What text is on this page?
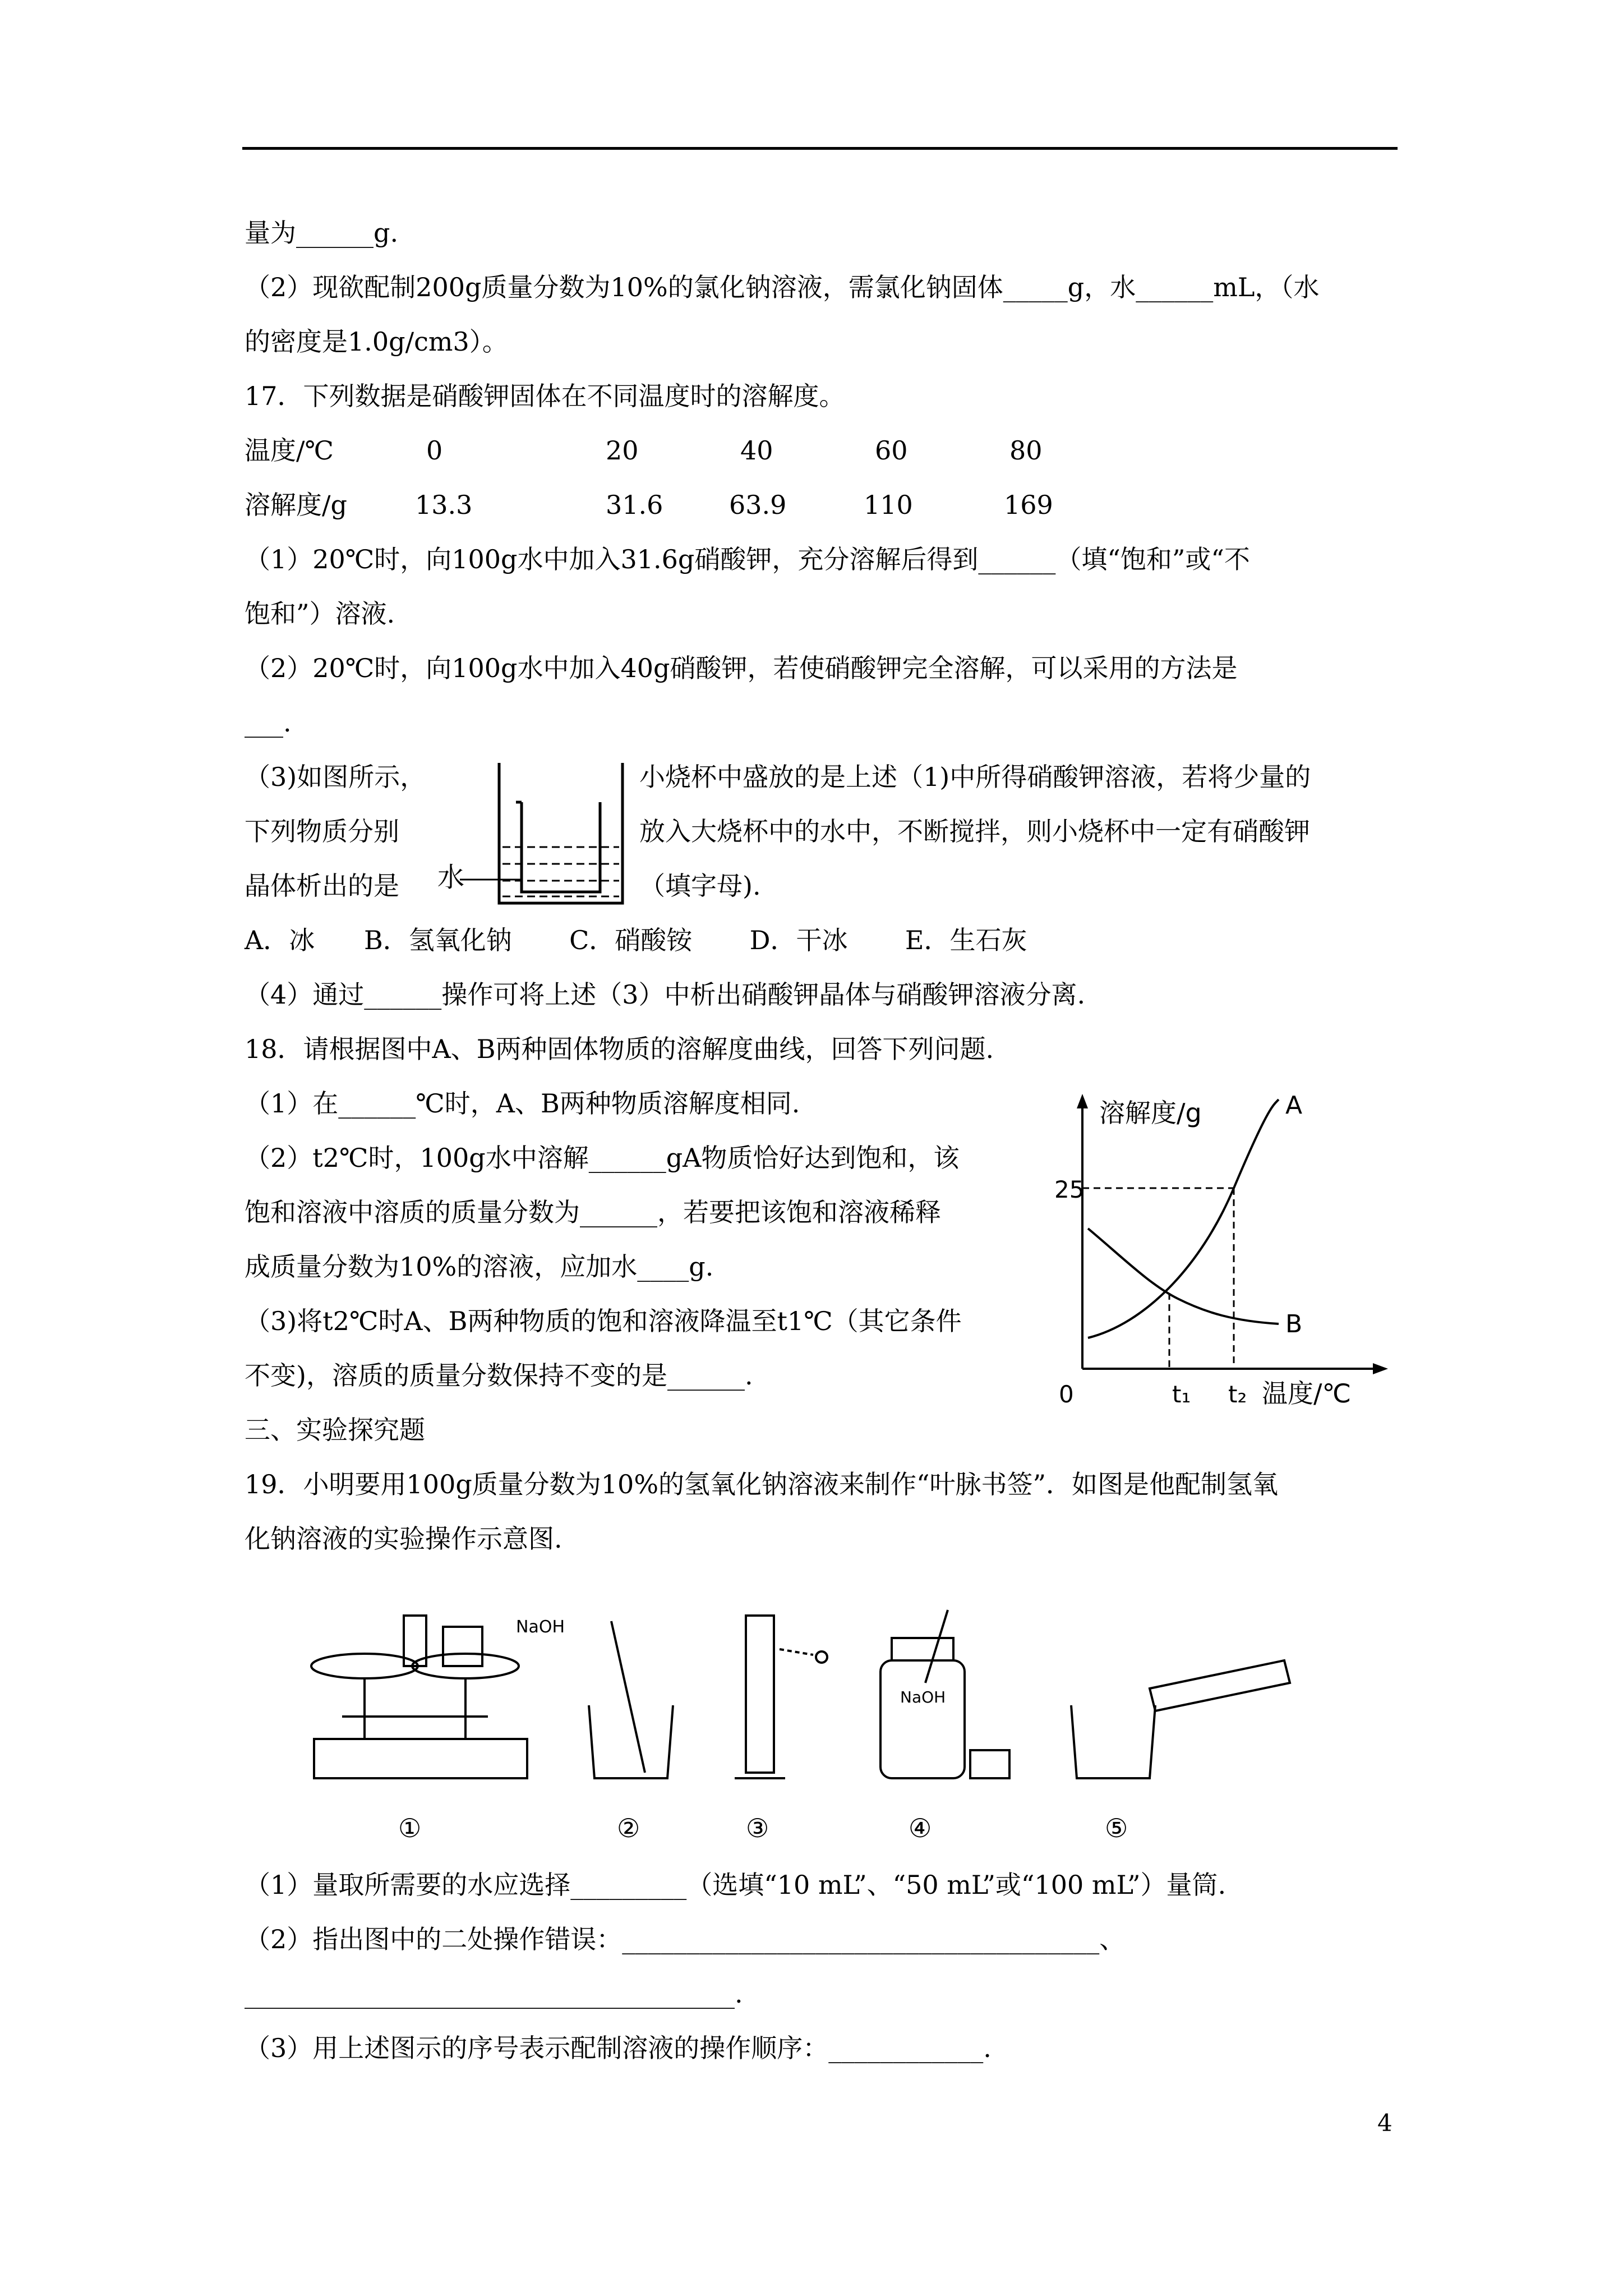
量为______g.
（2）现欲配制200g质量分数为10%的氯化钠溶液，需氯化钠固体_____g，水______mL，（水
的密度是1.0g/cm3）。
17．下列数据是硝酸钾固体在不同温度时的溶解度。
温度/℃	0	20	40	60	80
溶解度/g	13.3	31.6	63.9	110	169
（1）20℃时，向100g水中加入31.6g硝酸钾，充分溶解后得到______（填“饱和”或“不
饱和”）溶液.
（2）20℃时，向100g水中加入40g硝酸钾，若使硝酸钾完全溶解，可以采用的方法是
___.
（3)如图所示，	小烧杯中盛放的是上述（1)中所得硝酸钾溶液，若将少量的
下列物质分别	放入大烧杯中的水中，不断搅拌，则小烧杯中一定有硝酸钾
晶体析出的是	（填字母).
水
A．冰      B．氢氧化钠       C．硝酸铵       D．干冰       E．生石灰
（4）通过______操作可将上述（3）中析出硝酸钾晶体与硝酸钾溶液分离.
18．请根据图中A、B两种固体物质的溶解度曲线，回答下列问题.
（1）在______℃时，A、B两种物质溶解度相同.
（2）t2℃时，100g水中溶解______gA物质恰好达到饱和，该
饱和溶液中溶质的质量分数为______，若要把该饱和溶液稀释
成质量分数为10%的溶液，应加水____g.
（3)将t2℃时A、B两种物质的饱和溶液降温至t1℃（其它条件
不变)，溶质的质量分数保持不变的是______.
溶解度/g
温度/℃
0
25
t₁ t₂
A
B
三、实验探究题
19．小明要用100g质量分数为10%的氢氧化钠溶液来制作“叶脉书签”．如图是他配制氢氧
化钠溶液的实验操作示意图.
NaOH
NaOH
①	②	③	④	⑤
（1）量取所需要的水应选择_________（选填“10 mL”、“50 mL”或“100 mL”）量筒.
（2）指出图中的二处操作错误：_____________________________________、
______________________________________.
（3）用上述图示的序号表示配制溶液的操作顺序：____________.
4
